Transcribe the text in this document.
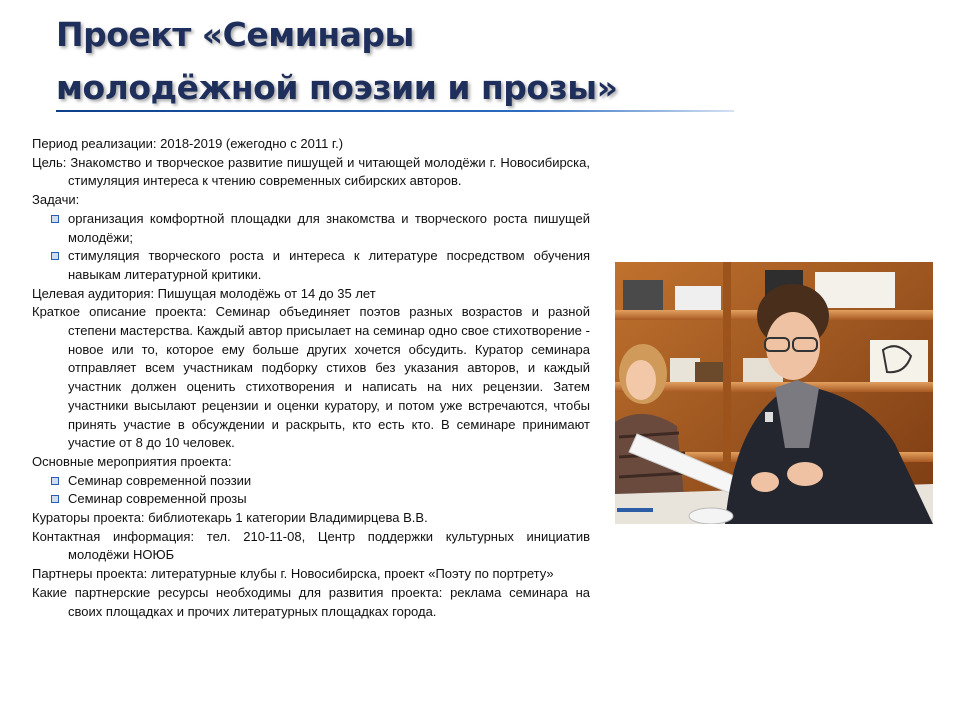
Проект «Семинары
молодёжной поэзии и прозы»

Период реализации: 2018-2019 (ежегодно с 2011 г.)

Цель: Знакомство и творческое развитие пишущей и читающей молодёжи г. Новосибирска, стимуляция интереса к чтению современных сибирских авторов.

Задачи:

организация комфортной площадки для знакомства и творческого роста пишущей молодёжи;

стимуляция творческого роста и интереса к литературе посредством обучения навыкам литературной критики.

Целевая аудитория: Пишущая молодёжь от 14 до 35 лет

Краткое описание проекта: Семинар объединяет поэтов разных возрастов и разной степени мастерства. Каждый автор присылает на семинар одно свое стихотворение - новое или то, которое ему больше других хочется обсудить. Куратор семинара отправляет всем участникам подборку стихов без указания авторов, и каждый участник должен оценить стихотворения и написать на них рецензии. Затем участники высылают рецензии и оценки куратору, и потом уже встречаются, чтобы принять участие в обсуждении и раскрыть, кто есть кто. В семинаре принимают участие от 8 до 10 человек.

Основные мероприятия проекта:

Семинар современной поэзии

Семинар современной прозы

Кураторы проекта: библиотекарь 1 категории Владимирцева В.В.

Контактная информация: тел. 210-11-08, Центр поддержки культурных инициатив молодёжи НОЮБ

Партнеры проекта: литературные клубы г. Новосибирска, проект «Поэту по портрету»

Какие партнерские ресурсы необходимы для развития проекта: реклама семинара на своих площадках и прочих литературных площадках города.
